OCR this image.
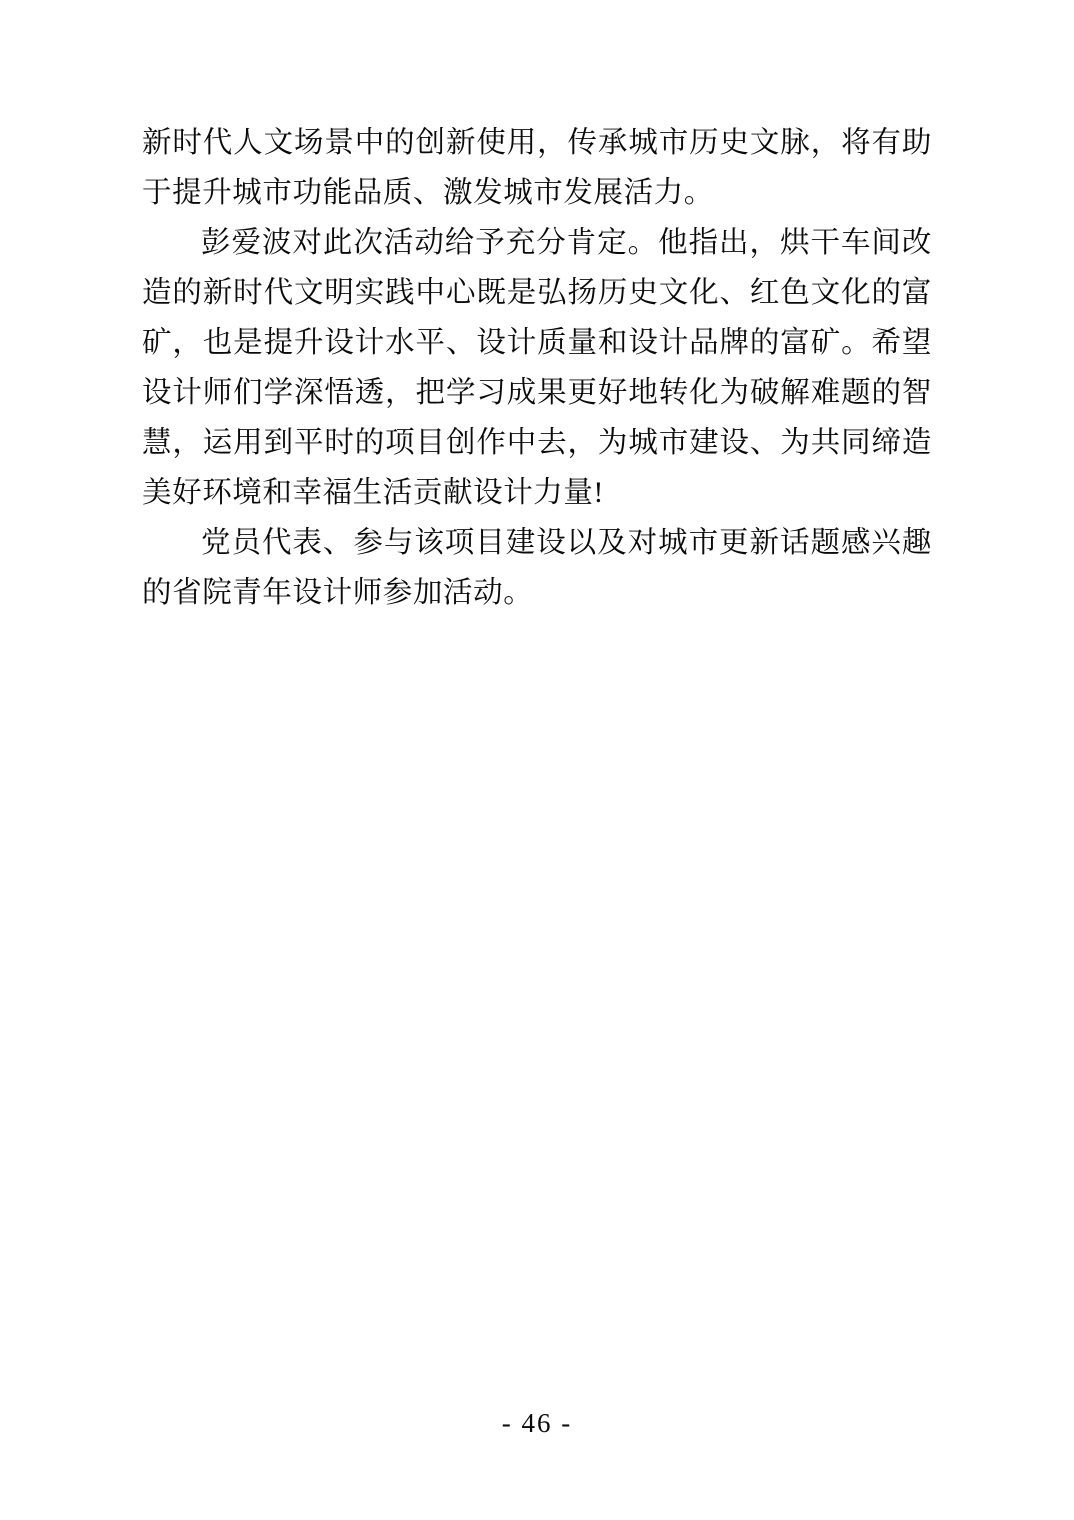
新时代人文场景中的创新使用，传承城市历史文脉，将有助于提升城市功能品质、激发城市发展活力。

彭爱波对此次活动给予充分肯定。他指出，烘干车间改造的新时代文明实践中心既是弘扬历史文化、红色文化的富矿，也是提升设计水平、设计质量和设计品牌的富矿。希望设计师们学深悟透，把学习成果更好地转化为破解难题的智慧，运用到平时的项目创作中去，为城市建设、为共同缔造美好环境和幸福生活贡献设计力量!

党员代表、参与该项目建设以及对城市更新话题感兴趣的省院青年设计师参加活动。

- 46 -
